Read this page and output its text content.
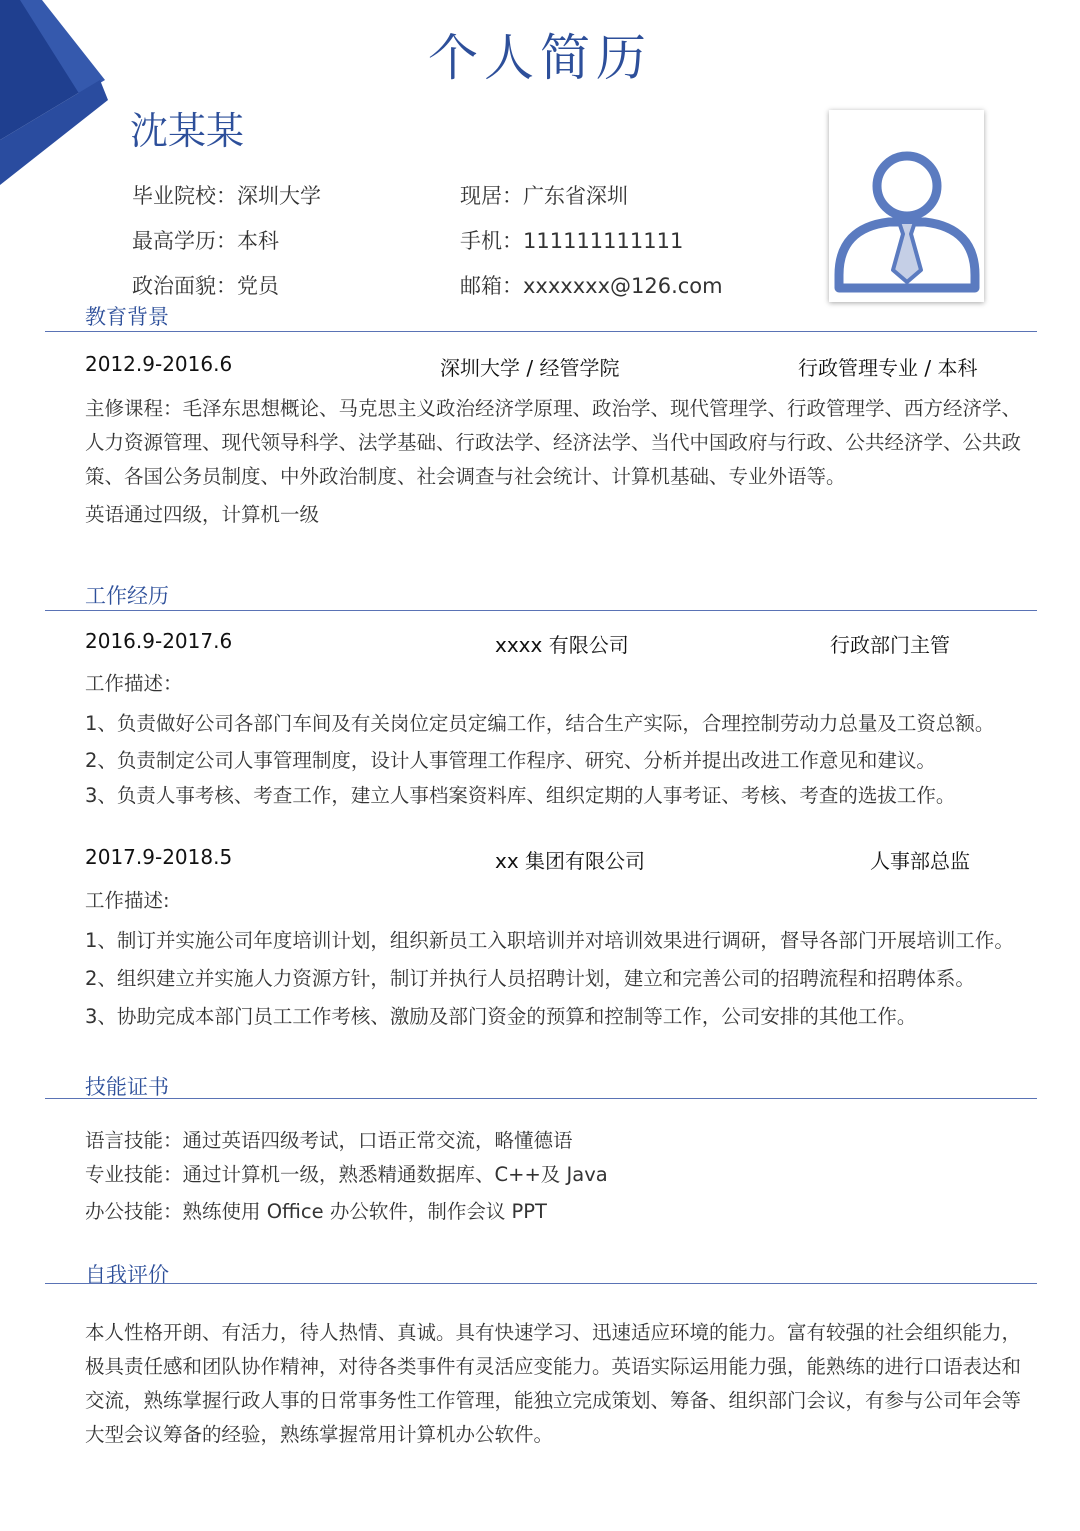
个人简历
沈某某
毕业院校：深圳大学	现居：广东省深圳
最高学历：本科	手机：111111111111
政治面貌：党员	邮箱：xxxxxxx@126.com
教育背景
2012.9-2016.6	深圳大学 / 经管学院	行政管理专业 / 本科
主修课程：毛泽东思想概论、马克思主义政治经济学原理、政治学、现代管理学、行政管理学、西方经济学、人力资源管理、现代领导科学、法学基础、行政法学、经济法学、当代中国政府与行政、公共经济学、公共政策、各国公务员制度、中外政治制度、社会调查与社会统计、计算机基础、专业外语等。
英语通过四级，计算机一级
工作经历
2016.9-2017.6	xxxx 有限公司	行政部门主管
工作描述：
1、负责做好公司各部门车间及有关岗位定员定编工作，结合生产实际，合理控制劳动力总量及工资总额。
2、负责制定公司人事管理制度，设计人事管理工作程序、研究、分析并提出改进工作意见和建议。
3、负责人事考核、考查工作，建立人事档案资料库、组织定期的人事考证、考核、考查的选拔工作。
2017.9-2018.5	xx 集团有限公司	人事部总监
工作描述:
1、制订并实施公司年度培训计划，组织新员工入职培训并对培训效果进行调研，督导各部门开展培训工作。
2、组织建立并实施人力资源方针，制订并执行人员招聘计划，建立和完善公司的招聘流程和招聘体系。
3、协助完成本部门员工工作考核、激励及部门资金的预算和控制等工作，公司安排的其他工作。
技能证书
语言技能：通过英语四级考试，口语正常交流，略懂德语
专业技能：通过计算机一级，熟悉精通数据库、C++及 Java
办公技能：熟练使用 Office 办公软件，制作会议 PPT
自我评价
本人性格开朗、有活力，待人热情、真诚。具有快速学习、迅速适应环境的能力。富有较强的社会组织能力，极具责任感和团队协作精神，对待各类事件有灵活应变能力。英语实际运用能力强，能熟练的进行口语表达和交流，熟练掌握行政人事的日常事务性工作管理，能独立完成策划、筹备、组织部门会议，有参与公司年会等大型会议筹备的经验，熟练掌握常用计算机办公软件。
